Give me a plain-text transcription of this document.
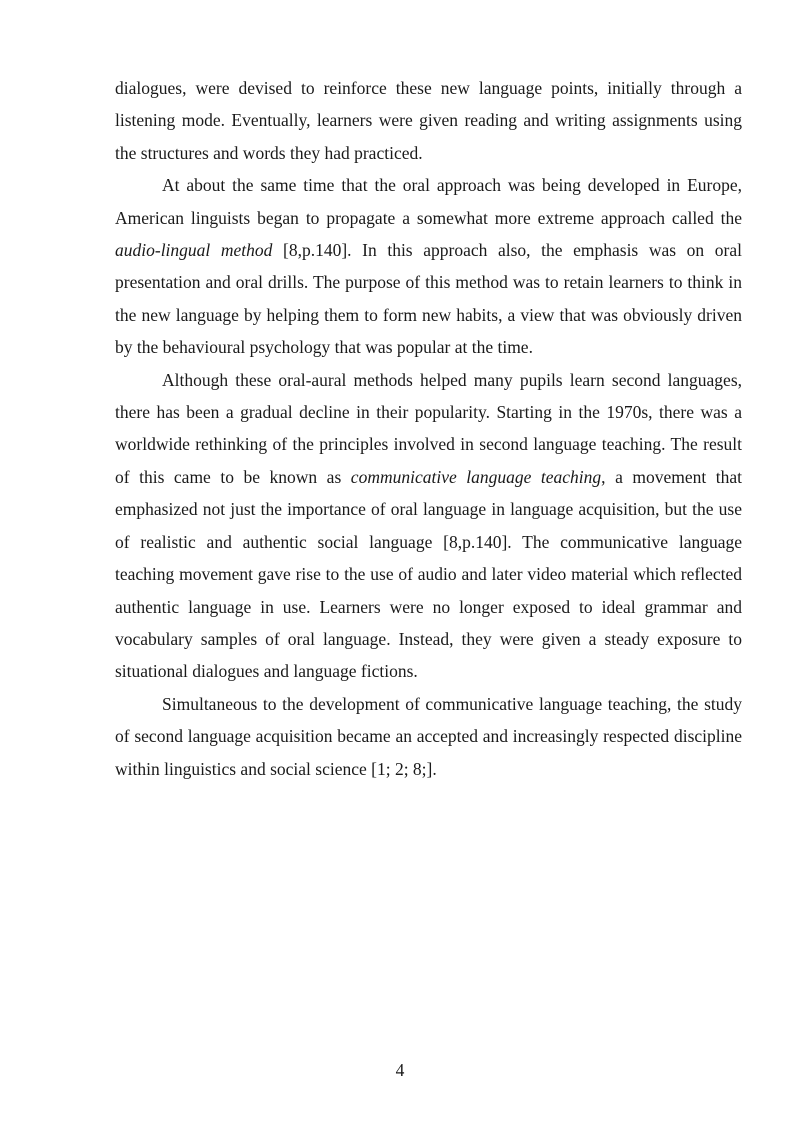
dialogues, were devised to reinforce these new language points, initially through a listening mode. Eventually, learners were given reading and writing assignments using the structures and words they had practiced.

At about the same time that the oral approach was being developed in Europe, American linguists began to propagate a somewhat more extreme approach called the audio-lingual method [8,p.140]. In this approach also, the emphasis was on oral presentation and oral drills. The purpose of this method was to retain learners to think in the new language by helping them to form new habits, a view that was obviously driven by the behavioural psychology that was popular at the time.

Although these oral-aural methods helped many pupils learn second languages, there has been a gradual decline in their popularity. Starting in the 1970s, there was a worldwide rethinking of the principles involved in second language teaching. The result of this came to be known as communicative language teaching, a movement that emphasized not just the importance of oral language in language acquisition, but the use of realistic and authentic social language [8,p.140]. The communicative language teaching movement gave rise to the use of audio and later video material which reflected authentic language in use. Learners were no longer exposed to ideal grammar and vocabulary samples of oral language. Instead, they were given a steady exposure to situational dialogues and language fictions.

Simultaneous to the development of communicative language teaching, the study of second language acquisition became an accepted and increasingly respected discipline within linguistics and social science [1; 2; 8;].

4
